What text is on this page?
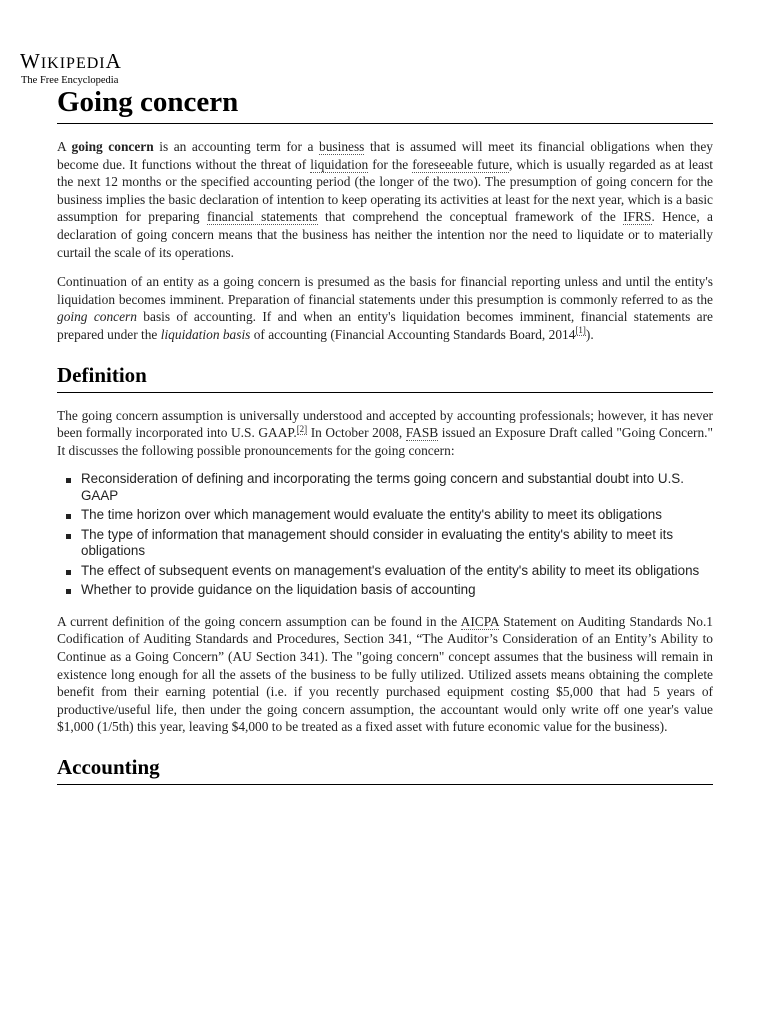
WIKIPEDIA
The Free Encyclopedia
Going concern

A going concern is an accounting term for a business that is assumed will meet its financial obligations when they become due. It functions without the threat of liquidation for the foreseeable future, which is usually regarded as at least the next 12 months or the specified accounting period (the longer of the two). The presumption of going concern for the business implies the basic declaration of intention to keep operating its activities at least for the next year, which is a basic assumption for preparing financial statements that comprehend the conceptual framework of the IFRS. Hence, a declaration of going concern means that the business has neither the intention nor the need to liquidate or to materially curtail the scale of its operations.

Continuation of an entity as a going concern is presumed as the basis for financial reporting unless and until the entity's liquidation becomes imminent. Preparation of financial statements under this presumption is commonly referred to as the going concern basis of accounting. If and when an entity's liquidation becomes imminent, financial statements are prepared under the liquidation basis of accounting (Financial Accounting Standards Board, 2014[1]).

Definition

The going concern assumption is universally understood and accepted by accounting professionals; however, it has never been formally incorporated into U.S. GAAP.[2] In October 2008, FASB issued an Exposure Draft called "Going Concern." It discusses the following possible pronouncements for the going concern:

Reconsideration of defining and incorporating the terms going concern and substantial doubt into U.S. GAAP
The time horizon over which management would evaluate the entity's ability to meet its obligations
The type of information that management should consider in evaluating the entity's ability to meet its obligations
The effect of subsequent events on management's evaluation of the entity's ability to meet its obligations
Whether to provide guidance on the liquidation basis of accounting

A current definition of the going concern assumption can be found in the AICPA Statement on Auditing Standards No.1 Codification of Auditing Standards and Procedures, Section 341, “The Auditor’s Consideration of an Entity’s Ability to Continue as a Going Concern” (AU Section 341). The "going concern" concept assumes that the business will remain in existence long enough for all the assets of the business to be fully utilized. Utilized assets means obtaining the complete benefit from their earning potential (i.e. if you recently purchased equipment costing $5,000 that had 5 years of productive/useful life, then under the going concern assumption, the accountant would only write off one year's value $1,000 (1/5th) this year, leaving $4,000 to be treated as a fixed asset with future economic value for the business).

Accounting
